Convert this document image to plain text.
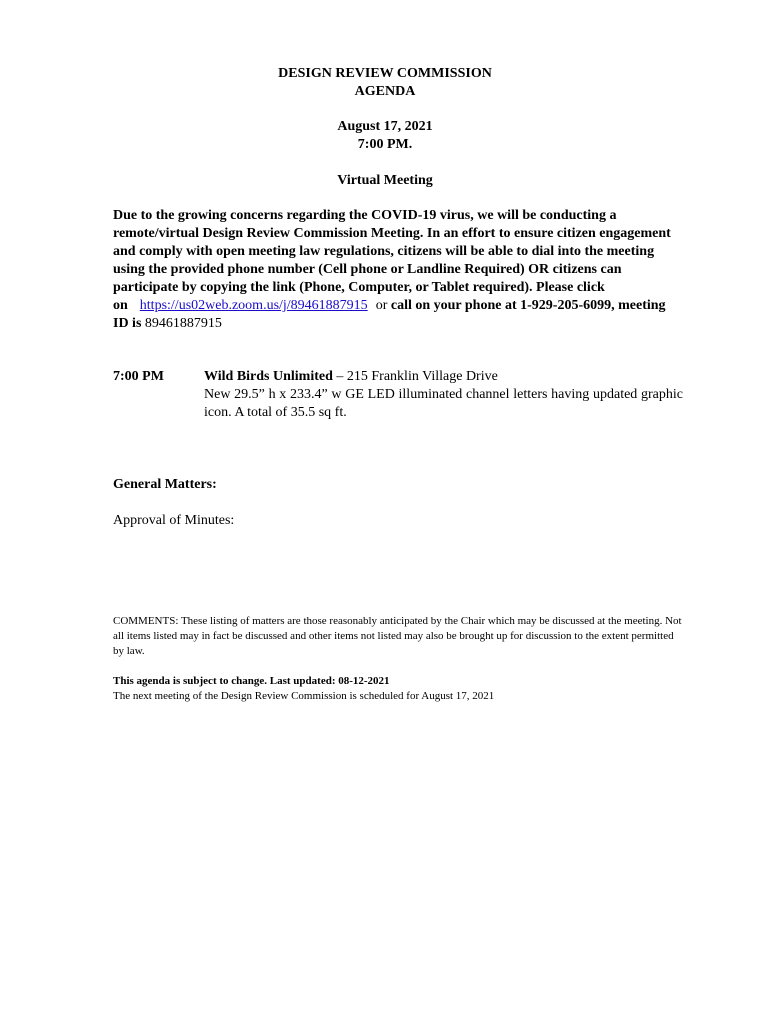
DESIGN REVIEW COMMISSION
AGENDA
August 17, 2021
7:00 PM.
Virtual Meeting
Due to the growing concerns regarding the COVID-19 virus, we will be conducting a remote/virtual Design Review Commission Meeting. In an effort to ensure citizen engagement and comply with open meeting law regulations, citizens will be able to dial into the meeting using the provided phone number (Cell phone or Landline Required) OR citizens can participate by copying the link (Phone, Computer, or Tablet required). Please click on https://us02web.zoom.us/j/89461887915 or call on your phone at 1-929-205-6099, meeting ID is 89461887915
7:00 PM	Wild Birds Unlimited – 215 Franklin Village Drive
New 29.5” h x 233.4” w GE LED illuminated channel letters having updated graphic icon. A total of 35.5 sq ft.
General Matters:
Approval of Minutes:
COMMENTS: These listing of matters are those reasonably anticipated by the Chair which may be discussed at the meeting. Not all items listed may in fact be discussed and other items not listed may also be brought up for discussion to the extent permitted by law.
This agenda is subject to change. Last updated: 08-12-2021
The next meeting of the Design Review Commission is scheduled for August 17, 2021
